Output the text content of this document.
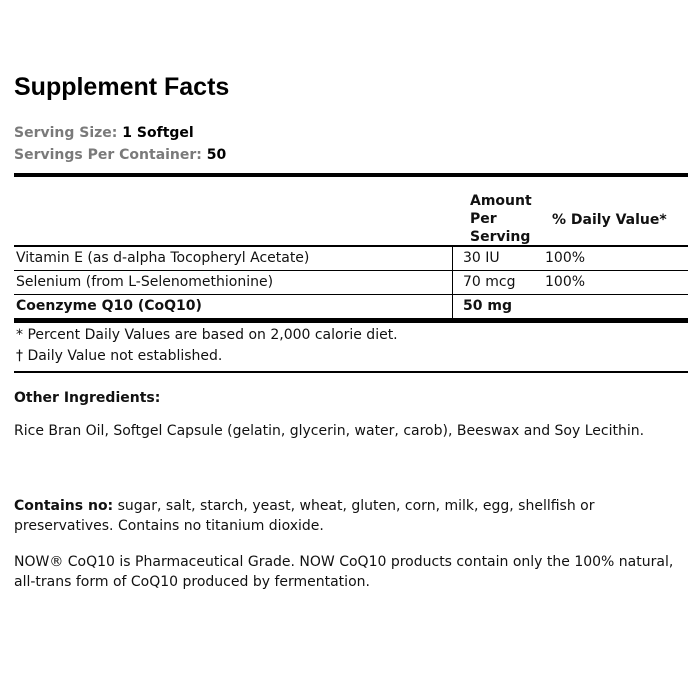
Supplement Facts
Serving Size: 1 Softgel
Servings Per Container: 50
Amount Per Serving
% Daily Value*
Vitamin E (as d-alpha Tocopheryl Acetate)	30 IU	100%
Selenium (from L-Selenomethionine)	70 mcg 100%
Coenzyme Q10 (CoQ10)	50 mg
* Percent Daily Values are based on 2,000 calorie diet.
† Daily Value not established.
Other Ingredients:

Rice Bran Oil, Softgel Capsule (gelatin, glycerin, water, carob), Beeswax and Soy Lecithin.

Contains no: sugar, salt, starch, yeast, wheat, gluten, corn, milk, egg, shellfish or preservatives. Contains no titanium dioxide.

NOW® CoQ10 is Pharmaceutical Grade. NOW CoQ10 products contain only the 100% natural, all-trans form of CoQ10 produced by fermentation.
